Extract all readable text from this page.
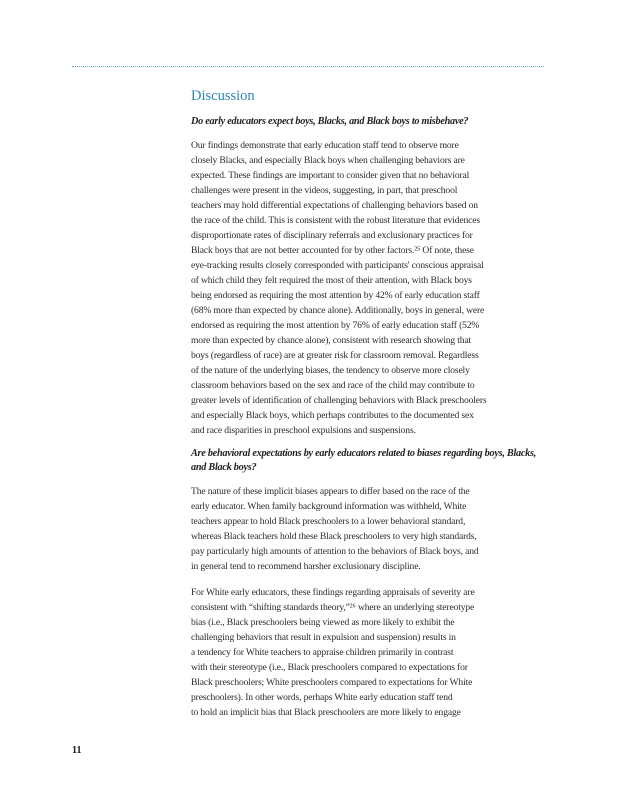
Discussion

Do early educators expect boys, Blacks, and Black boys to misbehave?

Our findings demonstrate that early education staff tend to observe more
closely Blacks, and especially Black boys when challenging behaviors are
expected. These findings are important to consider given that no behavioral
challenges were present in the videos, suggesting, in part, that preschool
teachers may hold differential expectations of challenging behaviors based on
the race of the child. This is consistent with the robust literature that evidences
disproportionate rates of disciplinary referrals and exclusionary practices for
Black boys that are not better accounted for by other factors.²⁵ Of note, these
eye-tracking results closely corresponded with participants' conscious appraisal
of which child they felt required the most of their attention, with Black boys
being endorsed as requiring the most attention by 42% of early education staff
(68% more than expected by chance alone). Additionally, boys in general, were
endorsed as requiring the most attention by 76% of early education staff (52%
more than expected by chance alone), consistent with research showing that
boys (regardless of race) are at greater risk for classroom removal. Regardless
of the nature of the underlying biases, the tendency to observe more closely
classroom behaviors based on the sex and race of the child may contribute to
greater levels of identification of challenging behaviors with Black preschoolers
and especially Black boys, which perhaps contributes to the documented sex
and race disparities in preschool expulsions and suspensions.

Are behavioral expectations by early educators related to biases regarding boys, Blacks, and Black boys?

The nature of these implicit biases appears to differ based on the race of the
early educator. When family background information was withheld, White
teachers appear to hold Black preschoolers to a lower behavioral standard,
whereas Black teachers hold these Black preschoolers to very high standards,
pay particularly high amounts of attention to the behaviors of Black boys, and
in general tend to recommend harsher exclusionary discipline.
For White early educators, these findings regarding appraisals of severity are
consistent with “shifting standards theory,”²⁶ where an underlying stereotype
bias (i.e., Black preschoolers being viewed as more likely to exhibit the
challenging behaviors that result in expulsion and suspension) results in
a tendency for White teachers to appraise children primarily in contrast
with their stereotype (i.e., Black preschoolers compared to expectations for
Black preschoolers; White preschoolers compared to expectations for White
preschoolers). In other words, perhaps White early education staff tend
to hold an implicit bias that Black preschoolers are more likely to engage
11
